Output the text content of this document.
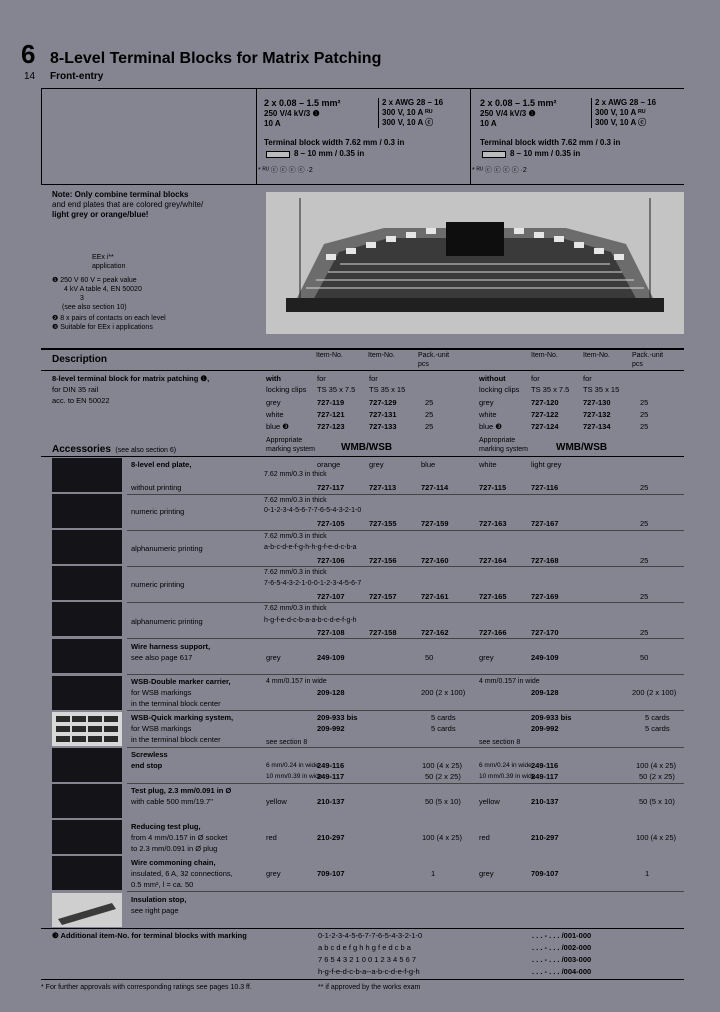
6 8-Level Terminal Blocks for Matrix Patching
14 Front-entry
2 x 0.08 – 1.5 mm²
250 V/4 kV/3 ❶
10 A
2 x AWG 28 – 16
300 V, 10 A ᴿᵁ
300 V, 10 A ⓒ
Terminal block width 7.62 mm / 0.3 in
8 – 10 mm / 0.35 in
* ᴿᵁ ⓒ ⓒ ⓒ ⓒ ·2
2 x 0.08 – 1.5 mm²
250 V/4 kV/3 ❶
10 A
2 x AWG 28 – 16
300 V, 10 A ᴿᵁ
300 V, 10 A ⓒ
Terminal block width 7.62 mm / 0.3 in
8 – 10 mm / 0.35 in
* ᴿᵁ ⓒ ⓒ ⓒ ⓒ ·2
Note: Only combine terminal blocks
and end plates that are colored grey/white/
light grey or orange/blue!
EEx i**
application
❶ 250 V 60 V = peak value
4 kV A table 4, EN 50020
3
(see also section 10)
❷ 8 x pairs of contacts on each level
❸ Suitable for EEx i applications
Description	Item-No.	Item-No.	Pack.-unit
pcs
Item-No.	Item-No.	Pack.-unit
pcs
8-level terminal block for matrix patching ❶,
for DIN 35 rail
acc. to EN 50022
with	for	for	without	for	for
locking clips TS 35 x 7.5 TS 35 x 15	locking clips TS 35 x 7.5 TS 35 x 15
grey	727-119	727-129	25	grey	727-120	727-130	25
white	727-121	727-131	25	white	727-122	727-132	25
blue ❸	727-123	727-133	25	blue ❸	727-124	727-134	25
Accessories (see also section 6)
Appropriate
marking system	WMB/WSB
Appropriate
marking system	WMB/WSB
8-level end plate,	orange	grey	blue	white	light grey
7.62 mm/0.3 in thick
without printing	727-117	727-113	727-114	727-115	727-116	25
7.62 mm/0.3 in thick
0-1-2-3-4-5-6-7-7-6-5-4-3-2-1-0
numeric printing
727-105	727-155	727-159	727-163	727-167	25
7.62 mm/0.3 in thick
a-b-c-d-e-f-g-h-h-g-f-e-d-c-b-a
alphanumeric printing
727-106	727-156	727-160	727-164	727-168	25
7.62 mm/0.3 in thick
7-6-5-4-3-2-1-0-0-1-2-3-4-5-6-7
numeric printing
727-107	727-157	727-161	727-165	727-169	25
7.62 mm/0.3 in thick
h-g-f-e-d-c-b-a-a-b-c-d-e-f-g-h
alphanumeric printing
727-108	727-158	727-162	727-166	727-170	25
Wire harness support,
see also page 617	grey	249-109	50	grey	249-109	50
WSB-Double marker carrier,
for WSB markings
in the terminal block center
4 mm/0.157 in wide	4 mm/0.157 in wide
209-128	200 (2 x 100)	209-128	200 (2 x 100)
WSB-Quick marking system,
for WSB markings
in the terminal block center
209-933 bis	5 cards	209-933 bis	5 cards
209-992	5 cards	209-992	5 cards
see section 8	see section 8
Screwless
end stop	6 mm/0.24 in wide
249-116	100 (4 x 25)	6 mm/0.24 in wide 249-116	100 (4 x 25)
10 mm/0.39 in wide
249-117	50 (2 x 25)	10 mm/0.39 in wide
249-117	50 (2 x 25)
Test plug, 2.3 mm/0.091 in Ø
with cable 500 mm/19.7"	yellow	210-137	50 (5 x 10) yellow	210-137	50 (5 x 10)
Reducing test plug,
from 4 mm/0.157 in Ø socket
to 2.3 mm/0.091 in Ø plug
red	210-297	100 (4 x 25) red	210-297	100 (4 x 25)
Wire commoning chain,
insulated, 6 A, 32 connections,
0.5 mm², l = ca. 50
grey	709-107	1	grey	709-107	1
Insulation stop,
see right page
❸ Additional item-No. for terminal blocks with marking	0-1-2-3-4-5-6-7-7-6-5-4-3-2-1-0	. . . - . . . /001-000
a b c d e f g h h g f e d c b a	. . . - . . . /002-000
7 6 5 4 3 2 1 0 0 1 2 3 4 5 6 7	. . . - . . . /003-000
h-g-f-e-d-c-b-a--a-b-c-d-e-f-g-h	. . . - . . . /004-000
* For further approvals with corresponding ratings see pages 10.3 ff.	** if approved by the works exam
